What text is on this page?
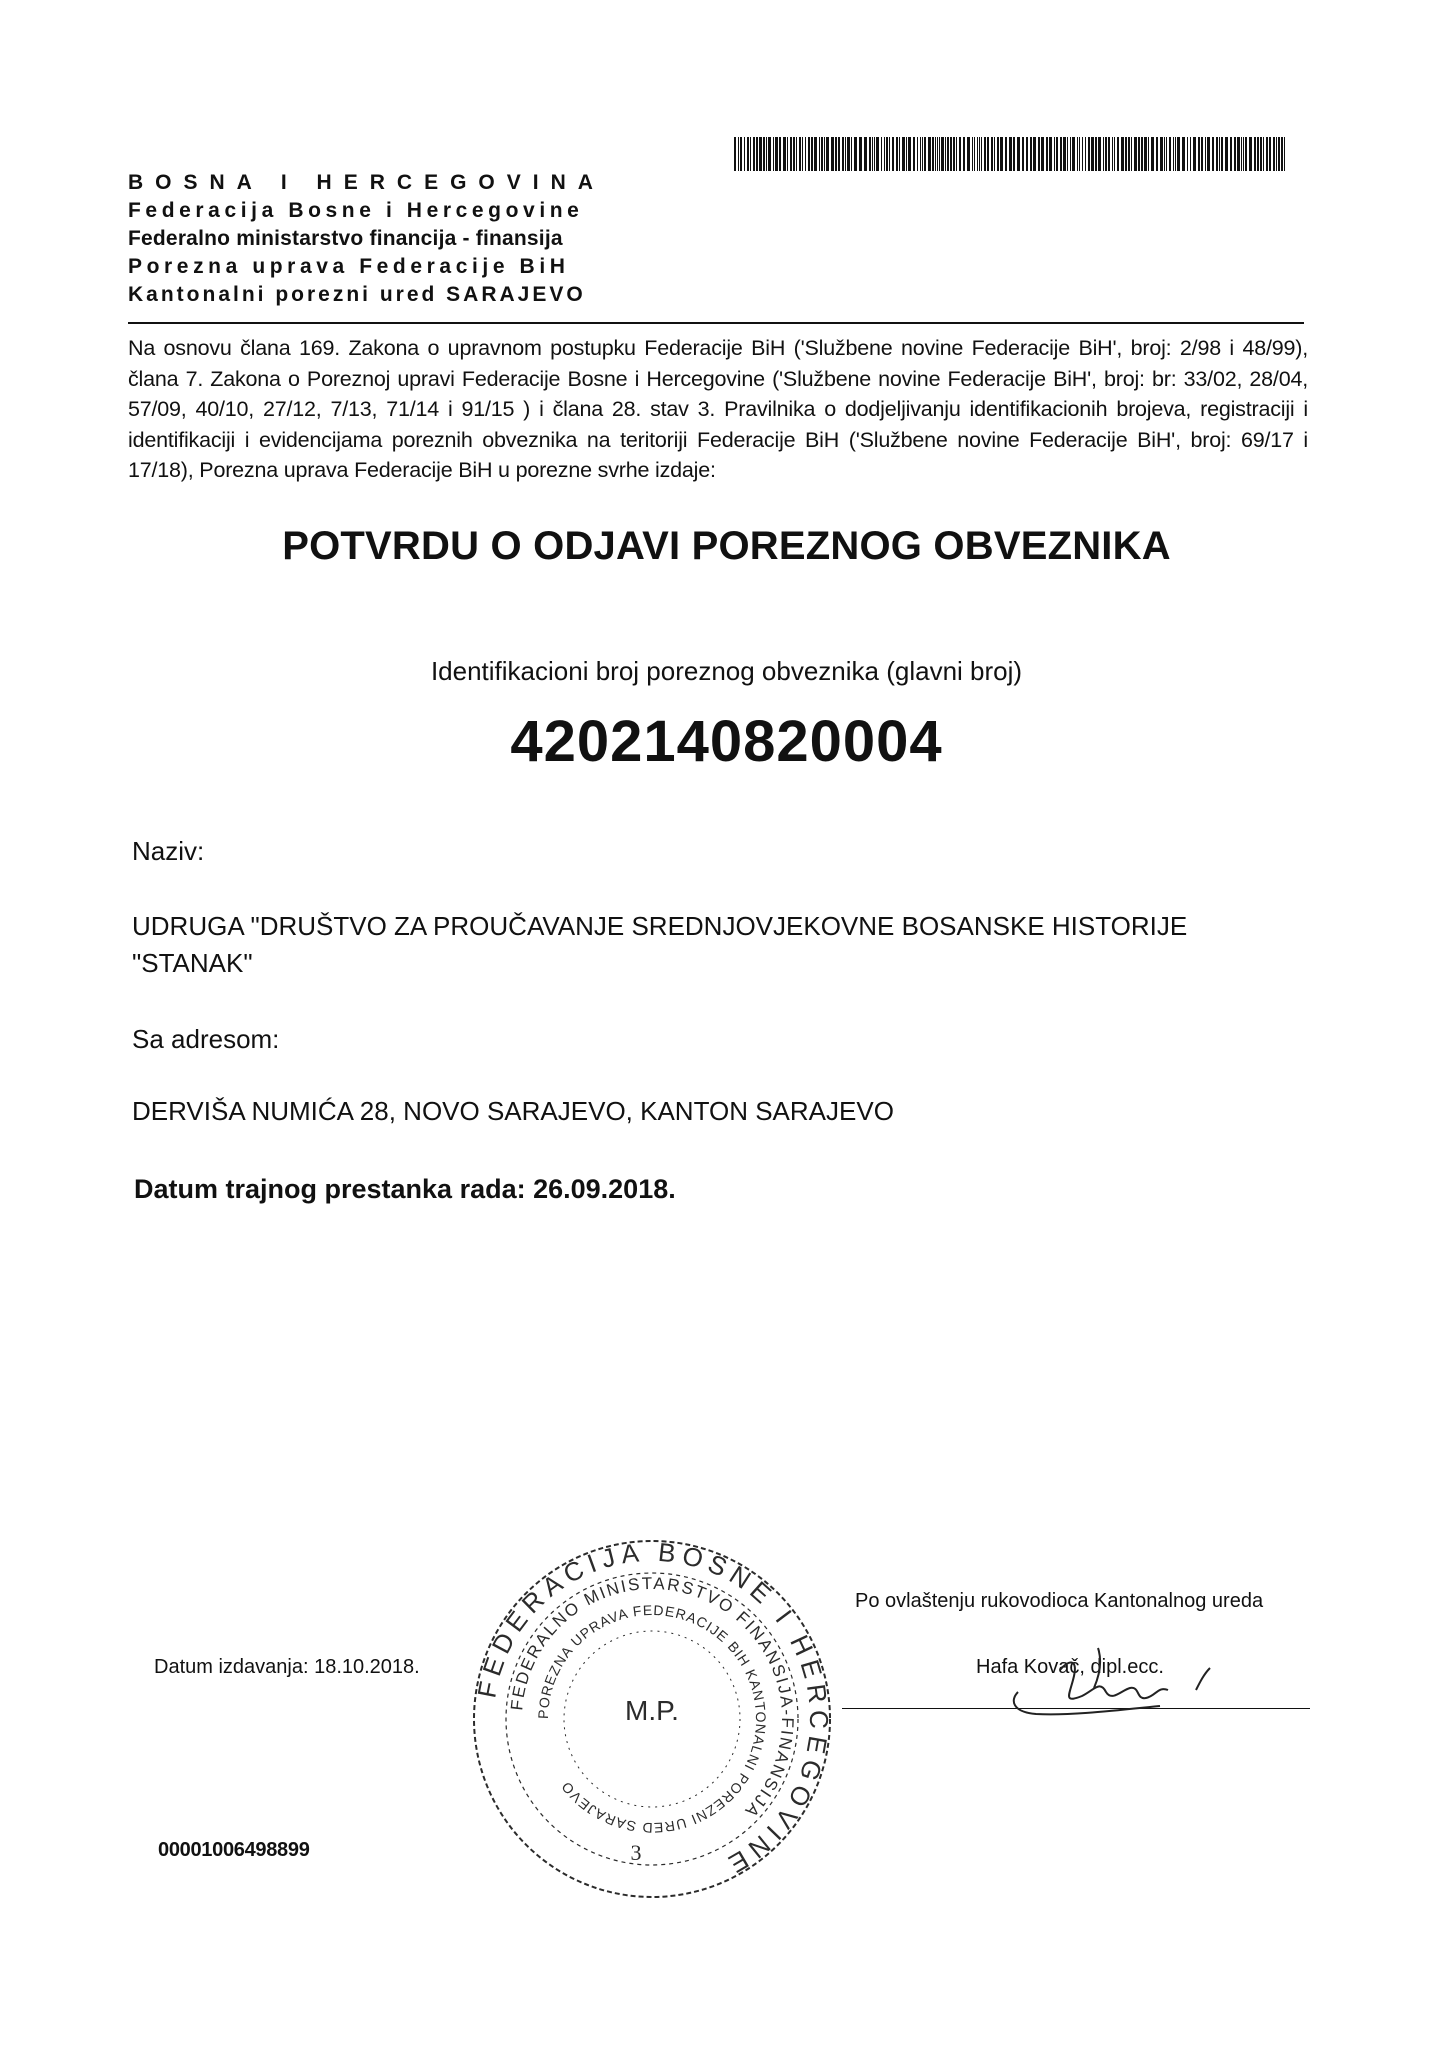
BOSNA I HERCEGOVINA
Federacija Bosne i Hercegovine
Federalno ministarstvo financija - finansija
Porezna uprava Federacije BiH
Kantonalni porezni ured SARAJEVO
Na osnovu člana 169. Zakona o upravnom postupku Federacije BiH ('Službene novine Federacije BiH', broj: 2/98 i 48/99), člana 7. Zakona o Poreznoj upravi Federacije Bosne i Hercegovine ('Službene novine Federacije BiH', broj: br: 33/02, 28/04, 57/09, 40/10, 27/12, 7/13, 71/14 i 91/15 ) i člana 28. stav 3. Pravilnika o dodjeljivanju identifikacionih brojeva, registraciji i identifikaciji i evidencijama poreznih obveznika na teritoriji Federacije BiH ('Službene novine Federacije BiH', broj: 69/17 i 17/18), Porezna uprava Federacije BiH u porezne svrhe izdaje:
POTVRDU O ODJAVI POREZNOG OBVEZNIKA
Identifikacioni broj poreznog obveznika (glavni broj)
4202140820004
Naziv:
UDRUGA "DRUŠTVO ZA PROUČAVANJE SREDNJOVJEKOVNE BOSANSKE HISTORIJE "STANAK"
Sa adresom:
DERVIŠA NUMIĆA 28, NOVO SARAJEVO, KANTON SARAJEVO
Datum trajnog prestanka rada: 26.09.2018.
Datum izdavanja: 18.10.2018.
00001006498899
Po ovlaštenju rukovodioca Kantonalnog ureda
Hafa Kovač, dipl.ecc.
FEDERACIJA BOSNE I HERCEGOVINE
FEDERALNO MINISTARSTVO FINANSIJA-FINANSIJA
POREZNA UPRAVA FEDERACIJE BIH KANTONALNI POREZNI URED SARAJEVO
M.P.
3
